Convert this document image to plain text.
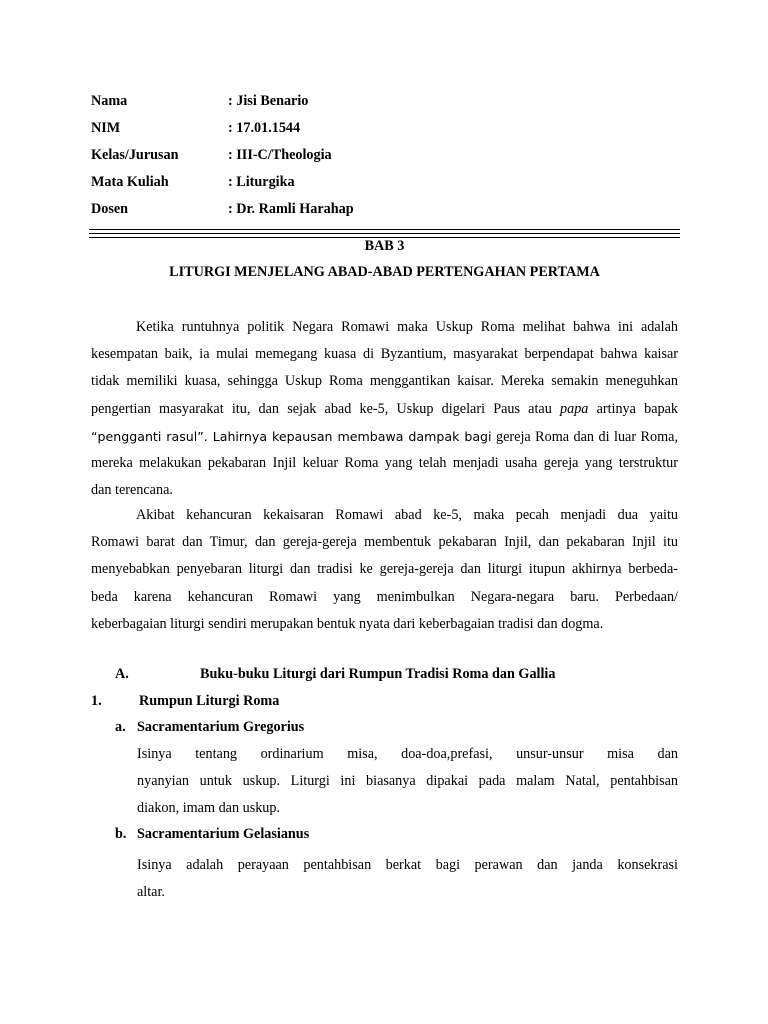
Nama	: Jisi Benario
NIM	: 17.01.1544
Kelas/Jurusan	: III-C/Theologia
Mata Kuliah	: Liturgika
Dosen	: Dr. Ramli Harahap
BAB 3
LITURGI MENJELANG ABAD-ABAD PERTENGAHAN PERTAMA
Ketika runtuhnya politik Negara Romawi maka Uskup Roma melihat bahwa ini adalah
kesempatan baik, ia mulai memegang kuasa di Byzantium, masyarakat berpendapat bahwa kaisar
tidak memiliki kuasa, sehingga Uskup Roma menggantikan kaisar. Mereka semakin meneguhkan
pengertian masyarakat itu, dan sejak abad ke-5, Uskup digelari Paus atau papa artinya bapak
“pengganti rasul”. Lahirnya kepausan membawa dampak bagi gereja Roma dan di luar Roma,
mereka melakukan pekabaran Injil keluar Roma yang telah menjadi usaha gereja yang terstruktur
dan terencana.
Akibat kehancuran kekaisaran Romawi abad ke-5, maka pecah menjadi dua yaitu
Romawi barat dan Timur, dan gereja-gereja membentuk pekabaran Injil, dan pekabaran Injil itu
menyebabkan penyebaran liturgi dan tradisi ke gereja-gereja dan liturgi itupun akhirnya berbeda-
beda karena kehancuran Romawi yang menimbulkan Negara-negara baru. Perbedaan/
keberbagaian liturgi sendiri merupakan bentuk nyata dari keberbagaian tradisi dan dogma.
A.	Buku-buku Liturgi dari Rumpun Tradisi Roma dan Gallia
1.	Rumpun Liturgi Roma
a. Sacramentarium Gregorius
Isinya tentang ordinarium misa, doa-doa,prefasi, unsur-unsur misa dan
nyanyian untuk uskup. Liturgi ini biasanya dipakai pada malam Natal, pentahbisan
diakon, imam dan uskup.
b. Sacramentarium Gelasianus
Isinya adalah perayaan pentahbisan berkat bagi perawan dan janda konsekrasi
altar.
